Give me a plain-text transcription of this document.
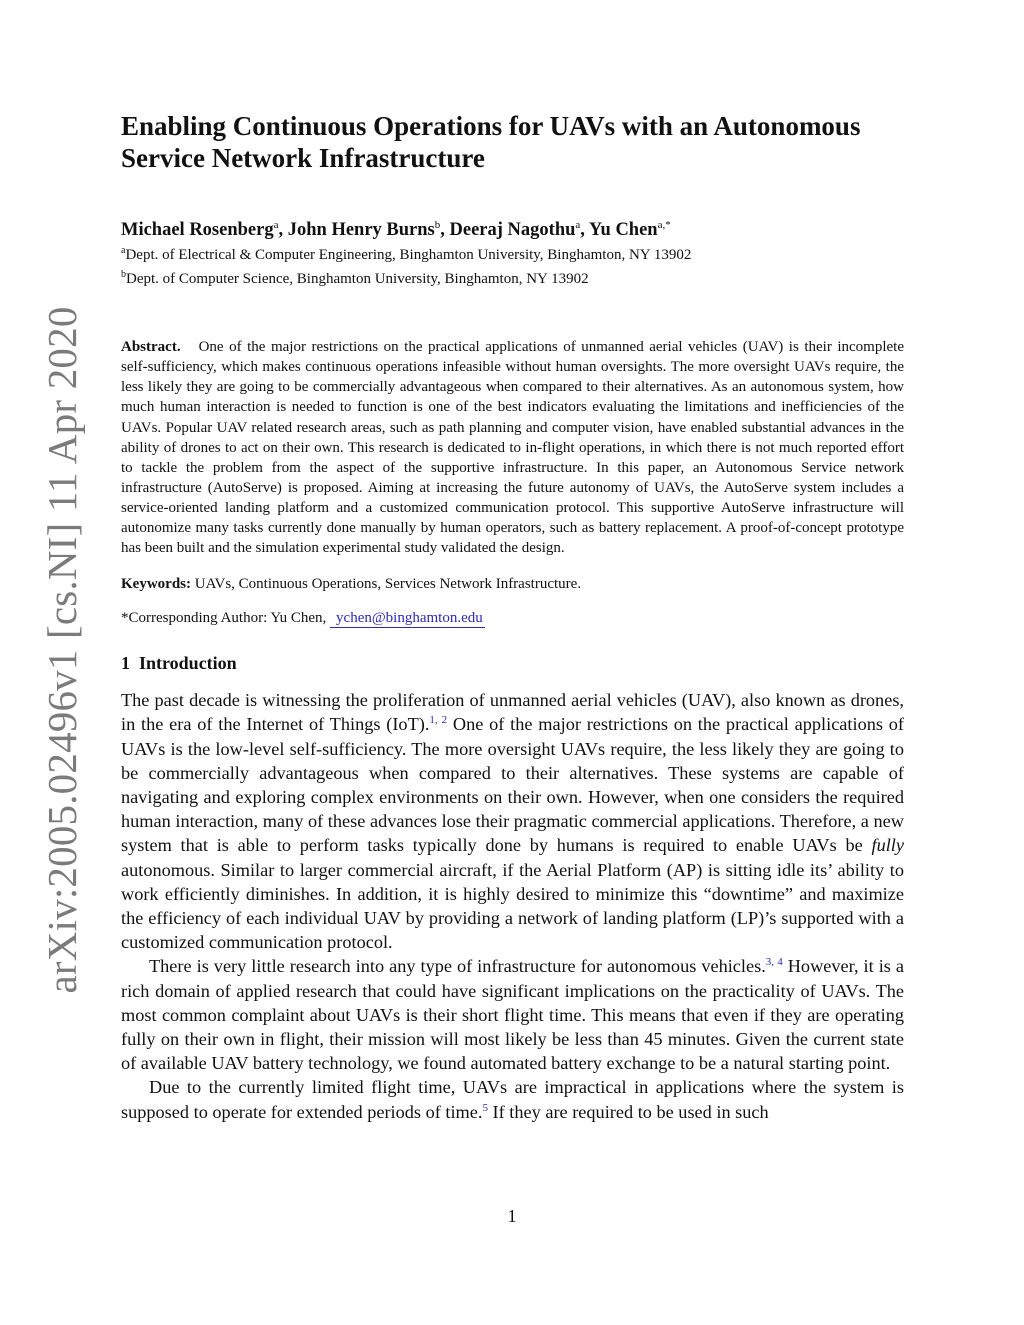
arXiv:2005.02496v1 [cs.NI] 11 Apr 2020
Enabling Continuous Operations for UAVs with an Autonomous Service Network Infrastructure
Michael Rosenberg$^a$, John Henry Burns$^b$, Deeraj Nagothu$^a$, Yu Chen$^{a,*}$
$^a$Dept. of Electrical & Computer Engineering, Binghamton University, Binghamton, NY 13902
$^b$Dept. of Computer Science, Binghamton University, Binghamton, NY 13902
Abstract. One of the major restrictions on the practical applications of unmanned aerial vehicles (UAV) is their incomplete self-sufficiency, which makes continuous operations infeasible without human oversights. The more oversight UAVs require, the less likely they are going to be commercially advantageous when compared to their alternatives. As an autonomous system, how much human interaction is needed to function is one of the best indicators evaluating the limitations and inefficiencies of the UAVs. Popular UAV related research areas, such as path planning and computer vision, have enabled substantial advances in the ability of drones to act on their own. This research is dedicated to in-flight operations, in which there is not much reported effort to tackle the problem from the aspect of the supportive infrastructure. In this paper, an Autonomous Service network infrastructure (AutoServe) is proposed. Aiming at increasing the future autonomy of UAVs, the AutoServe system includes a service-oriented landing platform and a customized communication protocol. This supportive AutoServe infrastructure will autonomize many tasks currently done manually by human operators, such as battery replacement. A proof-of-concept prototype has been built and the simulation experimental study validated the design.
Keywords: UAVs, Continuous Operations, Services Network Infrastructure.
*Corresponding Author: Yu Chen, ychen@binghamton.edu
1 Introduction

The past decade is witnessing the proliferation of unmanned aerial vehicles (UAV), also known as drones, in the era of the Internet of Things (IoT).$^{1, 2}$ One of the major restrictions on the practical applications of UAVs is the low-level self-sufficiency. The more oversight UAVs require, the less likely they are going to be commercially advantageous when compared to their alternatives. These systems are capable of navigating and exploring complex environments on their own. However, when one considers the required human interaction, many of these advances lose their pragmatic commercial applications. Therefore, a new system that is able to perform tasks typically done by humans is required to enable UAVs be fully autonomous. Similar to larger commercial aircraft, if the Aerial Platform (AP) is sitting idle its’ ability to work efficiently diminishes. In addition, it is highly desired to minimize this “downtime” and maximize the efficiency of each individual UAV by providing a network of landing platform (LP)’s supported with a customized communication protocol.

There is very little research into any type of infrastructure for autonomous vehicles.$^{3, 4}$ However, it is a rich domain of applied research that could have significant implications on the practicality of UAVs. The most common complaint about UAVs is their short flight time. This means that even if they are operating fully on their own in flight, their mission will most likely be less than 45 minutes. Given the current state of available UAV battery technology, we found automated battery exchange to be a natural starting point.

Due to the currently limited flight time, UAVs are impractical in applications where the system is supposed to operate for extended periods of time.$^5$ If they are required to be used in such

1
